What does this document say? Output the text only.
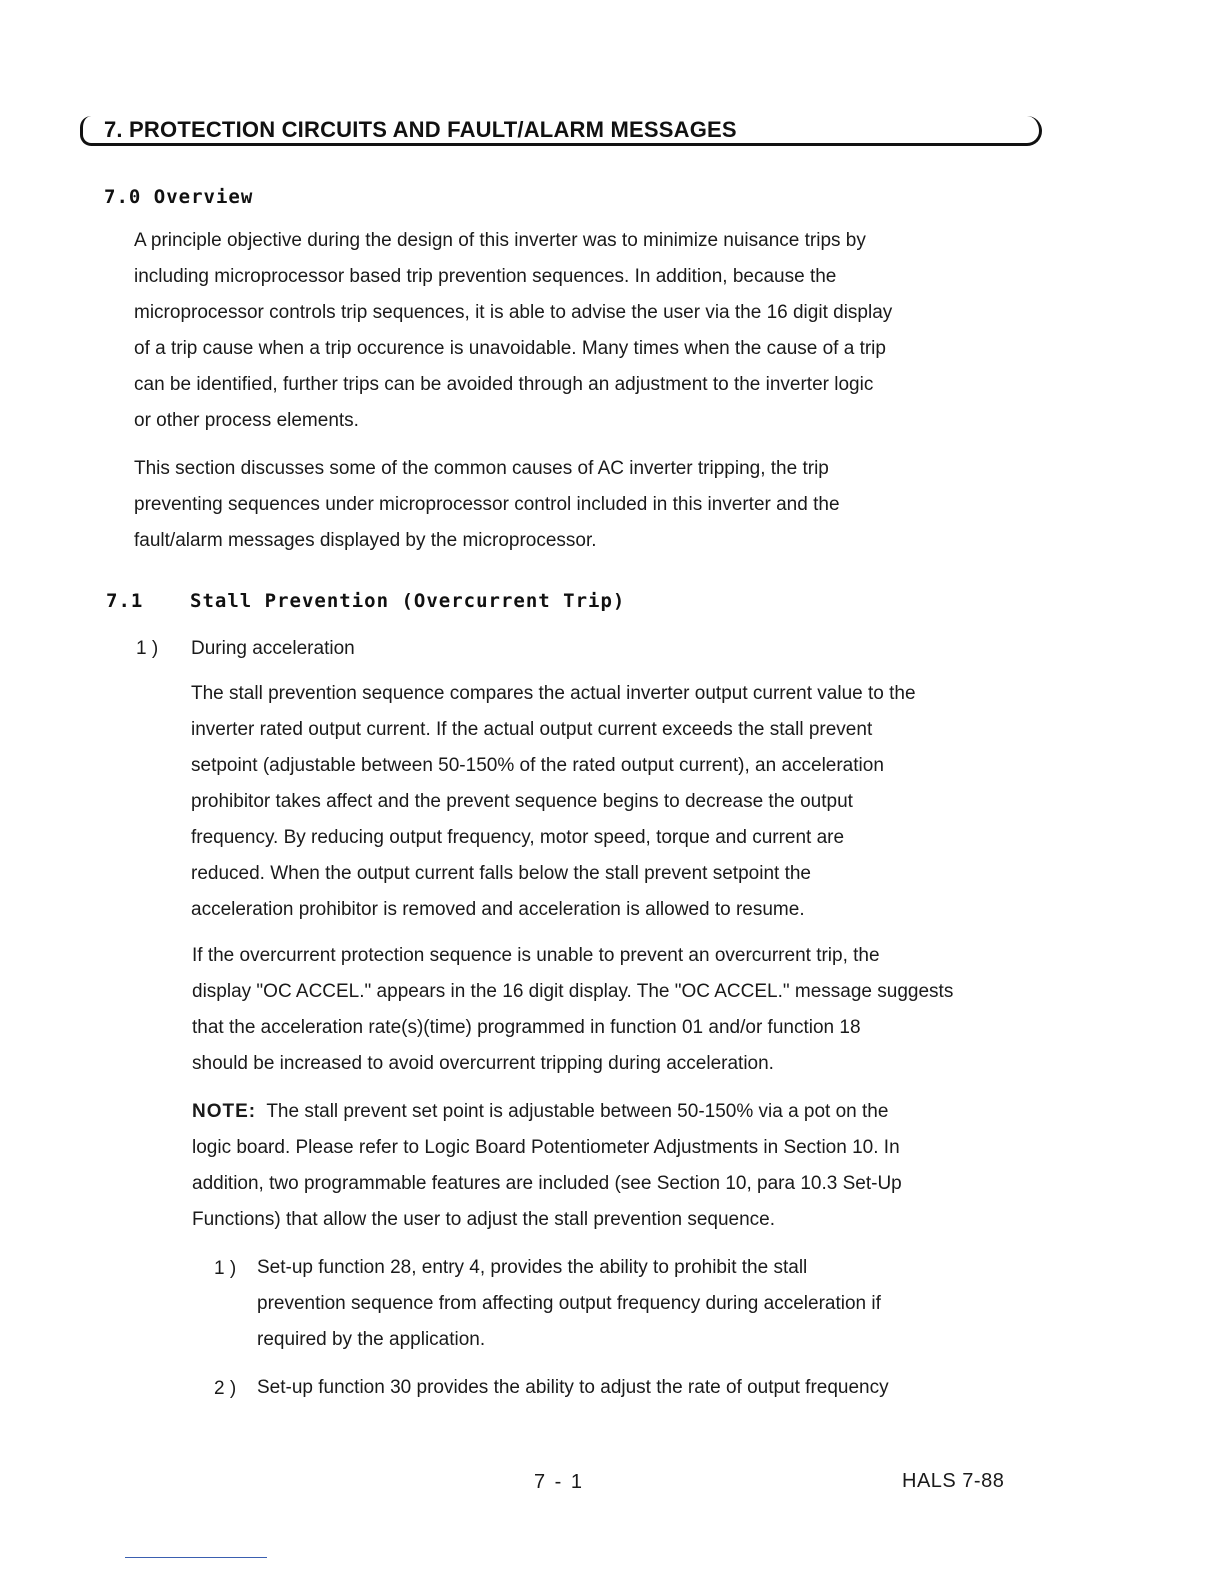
7. PROTECTION CIRCUITS AND FAULT/ALARM MESSAGES
7.0 Overview
A principle objective during the design of this inverter was to minimize nuisance trips by
including microprocessor based trip prevention sequences. In addition, because the
microprocessor controls trip sequences, it is able to advise the user via the 16 digit display
of a trip cause when a trip occurence is unavoidable. Many times when the cause of a trip
can be identified, further trips can be avoided through an adjustment to the inverter logic
or other process elements.
This section discusses some of the common causes of AC inverter tripping, the trip
preventing sequences under microprocessor control included in this inverter and the
fault/alarm messages displayed by the microprocessor.
7.1 Stall Prevention (Overcurrent Trip)
1 ) During acceleration
The stall prevention sequence compares the actual inverter output current value to the
inverter rated output current. If the actual output current exceeds the stall prevent
setpoint (adjustable between 50-150% of the rated output current), an acceleration
prohibitor takes affect and the prevent sequence begins to decrease the output
frequency. By reducing output frequency, motor speed, torque and current are
reduced. When the output current falls below the stall prevent setpoint the
acceleration prohibitor is removed and acceleration is allowed to resume.
If the overcurrent protection sequence is unable to prevent an overcurrent trip, the
display "OC ACCEL." appears in the 16 digit display. The "OC ACCEL." message suggests
that the acceleration rate(s)(time) programmed in function 01 and/or function 18
should be increased to avoid overcurrent tripping during acceleration.
NOTE:  The stall prevent set point is adjustable between 50-150% via a pot on the
logic board. Please refer to Logic Board Potentiometer Adjustments in Section 10. In
addition, two programmable features are included (see Section 10, para 10.3 Set-Up
Functions) that allow the user to adjust the stall prevention sequence.
1 ) Set-up function 28, entry 4, provides the ability to prohibit the stall
prevention sequence from affecting output frequency during acceleration if
required by the application.
2 ) Set-up function 30 provides the ability to adjust the rate of output frequency
7 - 1	HALS 7-88
